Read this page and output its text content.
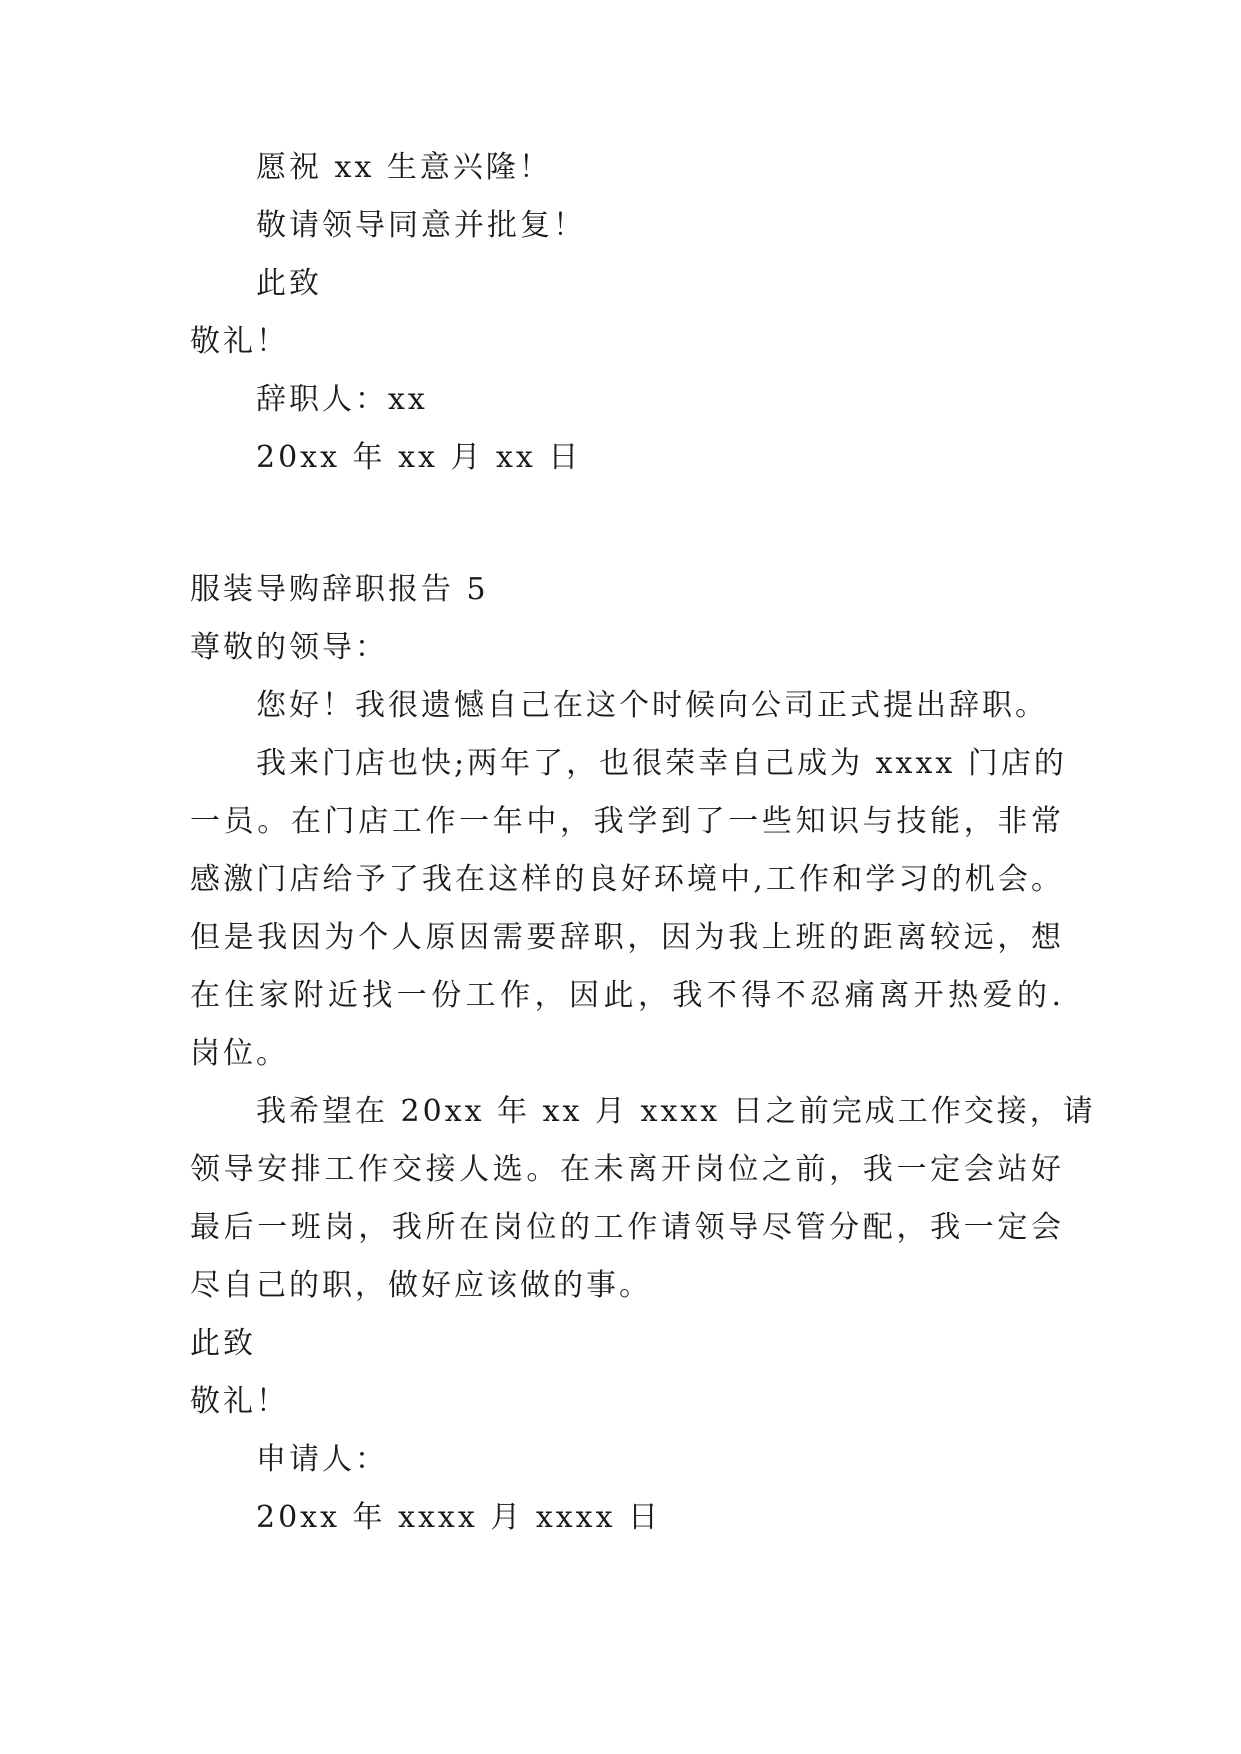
愿祝 xx 生意兴隆！

敬请领导同意并批复！

此致

敬礼！

辞职人：xx

20xx 年 xx 月 xx 日

服装导购辞职报告 5

尊敬的领导：

您好！我很遗憾自己在这个时候向公司正式提出辞职。

我来门店也快;两年了，也很荣幸自己成为 xxxx 门店的

一员。在门店工作一年中，我学到了一些知识与技能，非常

感激门店给予了我在这样的良好环境中,工作和学习的机会。

但是我因为个人原因需要辞职，因为我上班的距离较远，想

在住家附近找一份工作，因此，我不得不忍痛离开热爱的.

岗位。

我希望在 20xx 年 xx 月 xxxx 日之前完成工作交接，请

领导安排工作交接人选。在未离开岗位之前，我一定会站好

最后一班岗，我所在岗位的工作请领导尽管分配，我一定会

尽自己的职，做好应该做的事。

此致

敬礼！

申请人：

20xx 年 xxxx 月 xxxx 日
